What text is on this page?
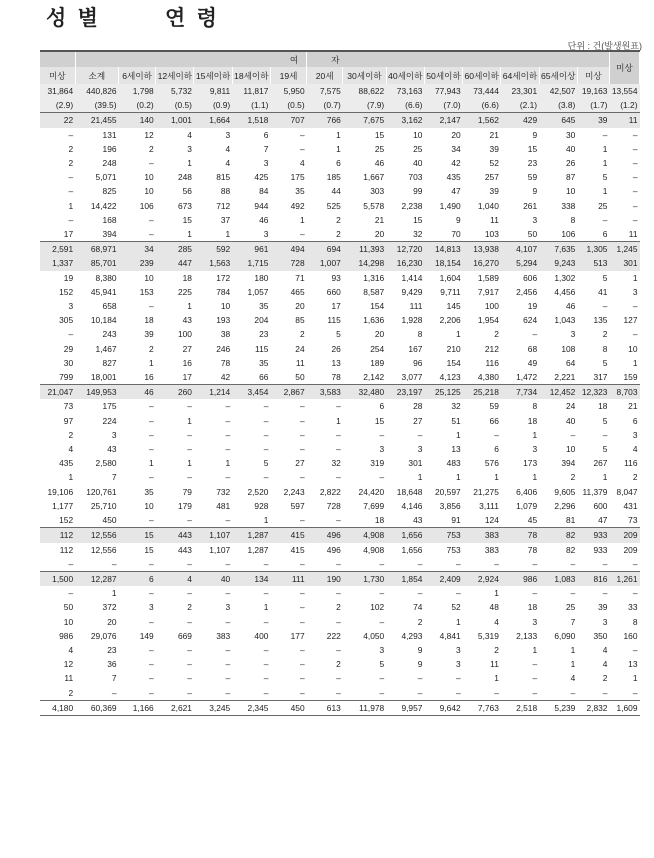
성 별       연 령
단위 : 건(발생원표)
	여						자								미상
미상	소계	6세이하	12세이하	15세이하	18세이하	19세	20세	30세이하	40세이하	50세이하	60세이하	64세이하	65세이상	미상	
31,864	440,826	1,798	5,732	9,811	11,817	5,950	7,575	88,622	73,163	77,943	73,444	23,301	42,507	19,163	13,554
(2.9)	(39.5)	(0.2)	(0.5)	(0.9)	(1.1)	(0.5)	(0.7)	(7.9)	(6.6)	(7.0)	(6.6)	(2.1)	(3.8)	(1.7)	(1.2)
22	21,455	140	1,001	1,664	1,518	707	766	7,675	3,162	2,147	1,562	429	645	39	11
–	131	12	4	3	6	–	1	15	10	20	21	9	30	–	–
2	196	2	3	4	7	–	1	25	25	34	39	15	40	1	–
2	248	–	1	4	3	4	6	46	40	42	52	23	26	1	–
–	5,071	10	248	815	425	175	185	1,667	703	435	257	59	87	5	–
–	825	10	56	88	84	35	44	303	99	47	39	9	10	1	–
1	14,422	106	673	712	944	492	525	5,578	2,238	1,490	1,040	261	338	25	–
–	168	–	15	37	46	1	2	21	15	9	11	3	8	–	–
17	394	–	1	1	3	–	2	20	32	70	103	50	106	6	11
2,591	68,971	34	285	592	961	494	694	11,393	12,720	14,813	13,938	4,107	7,635	1,305	1,245
1,337	85,701	239	447	1,563	1,715	728	1,007	14,298	16,230	18,154	16,270	5,294	9,243	513	301
19	8,380	10	18	172	180	71	93	1,316	1,414	1,604	1,589	606	1,302	5	1
152	45,941	153	225	784	1,057	465	660	8,587	9,429	9,711	7,917	2,456	4,456	41	3
3	658	–	1	10	35	20	17	154	111	145	100	19	46	–	–
305	10,184	18	43	193	204	85	115	1,636	1,928	2,206	1,954	624	1,043	135	127
–	243	39	100	38	23	2	5	20	8	1	2	–	3	2	–
29	1,467	2	27	246	115	24	26	254	167	210	212	68	108	8	10
30	827	1	16	78	35	11	13	189	96	154	116	49	64	5	1
799	18,001	16	17	42	66	50	78	2,142	3,077	4,123	4,380	1,472	2,221	317	159
21,047	149,953	46	260	1,214	3,454	2,867	3,583	32,480	23,197	25,125	25,218	7,734	12,452	12,323	8,703
73	175	–	–	–	–	–	–	6	28	32	59	8	24	18	21
97	224	–	1	–	–	–	1	15	27	51	66	18	40	5	6
2	3	–	–	–	–	–	–	–	–	1	–	1	–	–	3
4	43	–	–	–	–	–	–	3	3	13	6	3	10	5	4
435	2,580	1	1	1	5	27	32	319	301	483	576	173	394	267	116
1	7	–	–	–	–	–	–	–	1	1	1	1	2	1	2
19,106	120,761	35	79	732	2,520	2,243	2,822	24,420	18,648	20,597	21,275	6,406	9,605	11,379	8,047
1,177	25,710	10	179	481	928	597	728	7,699	4,146	3,856	3,111	1,079	2,296	600	431
152	450	–	–	–	1	–	–	18	43	91	124	45	81	47	73
112	12,556	15	443	1,107	1,287	415	496	4,908	1,656	753	383	78	82	933	209
112	12,556	15	443	1,107	1,287	415	496	4,908	1,656	753	383	78	82	933	209
–	–	–	–	–	–	–	–	–	–	–	–	–	–	–	–
1,500	12,287	6	4	40	134	111	190	1,730	1,854	2,409	2,924	986	1,083	816	1,261
–	1	–	–	–	–	–	–	–	–	–	1	–	–	–	–
50	372	3	2	3	1	–	2	102	74	52	48	18	25	39	33
10	20	–	–	–	–	–	–	–	2	1	4	3	7	3	8
986	29,076	149	669	383	400	177	222	4,050	4,293	4,841	5,319	2,133	6,090	350	160
4	23	–	–	–	–	–	–	3	9	3	2	1	1	4	–
12	36	–	–	–	–	–	2	5	9	3	11	–	1	4	13
11	7	–	–	–	–	–	–	–	–	–	1	–	4	2	1
2	–	–	–	–	–	–	–	–	–	–	–	–	–	–	–
4,180	60,369	1,166	2,621	3,245	2,345	450	613	11,978	9,957	9,642	7,763	2,518	5,239	2,832	1,609
